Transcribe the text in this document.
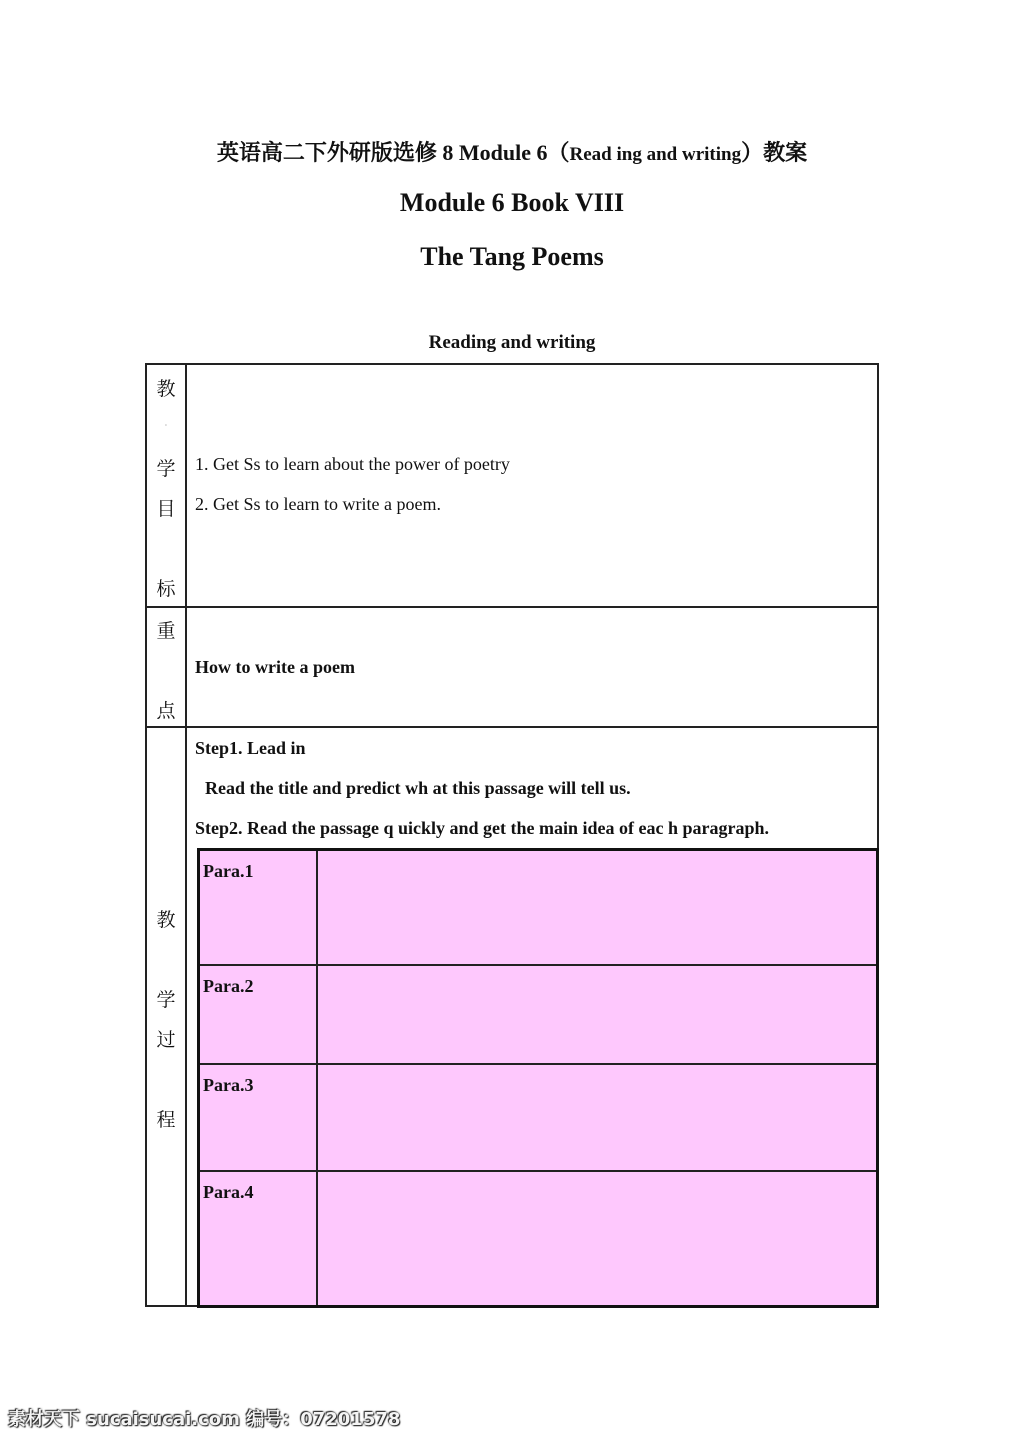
英语高二下外研版选修 8 Module 6（Read ing and writing）教案
Module 6 Book VIII
The Tang Poems
Reading and writing
教
·
学
目
标
1. Get Ss to learn about the power of poetry
2. Get Ss to learn to write a poem.
重
点
How to write a poem
教
学
过
程
Step1. Lead in
Read the title and predict wh at this passage will tell us.
Step2. Read the passage q uickly and get the main idea of eac h paragraph.
Para.1
Para.2
Para.3
Para.4
素材天下 sucaisucai.com 编号：07201578
